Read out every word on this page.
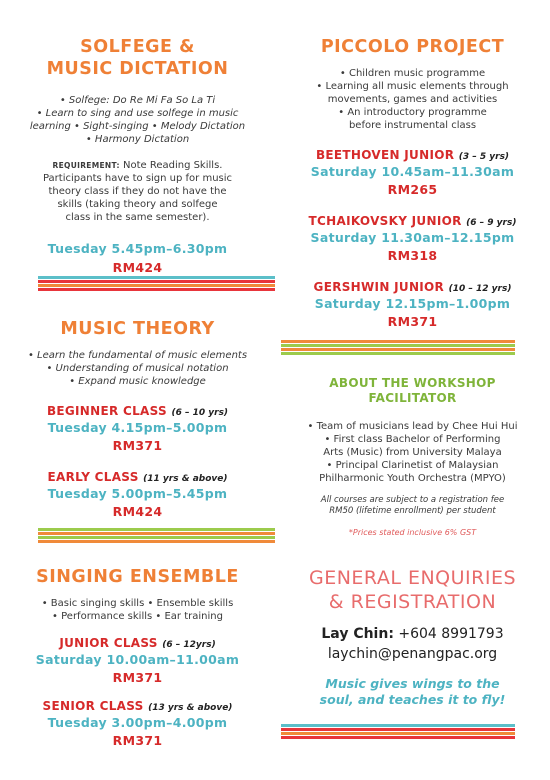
SOLFEGE &
MUSIC DICTATION
• Solfege: Do Re Mi Fa So La Ti
• Learn to sing and use solfege in music
learning • Sight-singing • Melody Dictation
• Harmony Dictation
REQUIREMENT: Note Reading Skills.
Participants have to sign up for music
theory class if they do not have the
skills (taking theory and solfege
class in the same semester).
Tuesday 5.45pm–6.30pm
RM424
MUSIC THEORY
• Learn the fundamental of music elements
• Understanding of musical notation
• Expand music knowledge
BEGINNER CLASS (6 – 10 yrs)
Tuesday 4.15pm–5.00pm
RM371
EARLY CLASS (11 yrs & above)
Tuesday 5.00pm–5.45pm
RM424
SINGING ENSEMBLE
• Basic singing skills • Ensemble skills
• Performance skills • Ear training
JUNIOR CLASS (6 – 12yrs)
Saturday 10.00am–11.00am
RM371
SENIOR CLASS (13 yrs & above)
Tuesday 3.00pm–4.00pm
RM371
PICCOLO PROJECT
• Children music programme
• Learning all music elements through
movements, games and activities
• An introductory programme
before instrumental class
BEETHOVEN JUNIOR (3 – 5 yrs)
Saturday 10.45am–11.30am
RM265
TCHAIKOVSKY JUNIOR (6 – 9 yrs)
Saturday 11.30am–12.15pm
RM318
GERSHWIN JUNIOR (10 – 12 yrs)
Saturday 12.15pm–1.00pm
RM371
ABOUT THE WORKSHOP
FACILITATOR
• Team of musicians lead by Chee Hui Hui
• First class Bachelor of Performing
Arts (Music) from University Malaya
• Principal Clarinetist of Malaysian
Philharmonic Youth Orchestra (MPYO)
All courses are subject to a registration fee
RM50 (lifetime enrollment) per student
*Prices stated inclusive 6% GST
GENERAL ENQUIRIES
& REGISTRATION
Lay Chin: +604 8991793
laychin@penangpac.org
Music gives wings to the
soul, and teaches it to fly!
